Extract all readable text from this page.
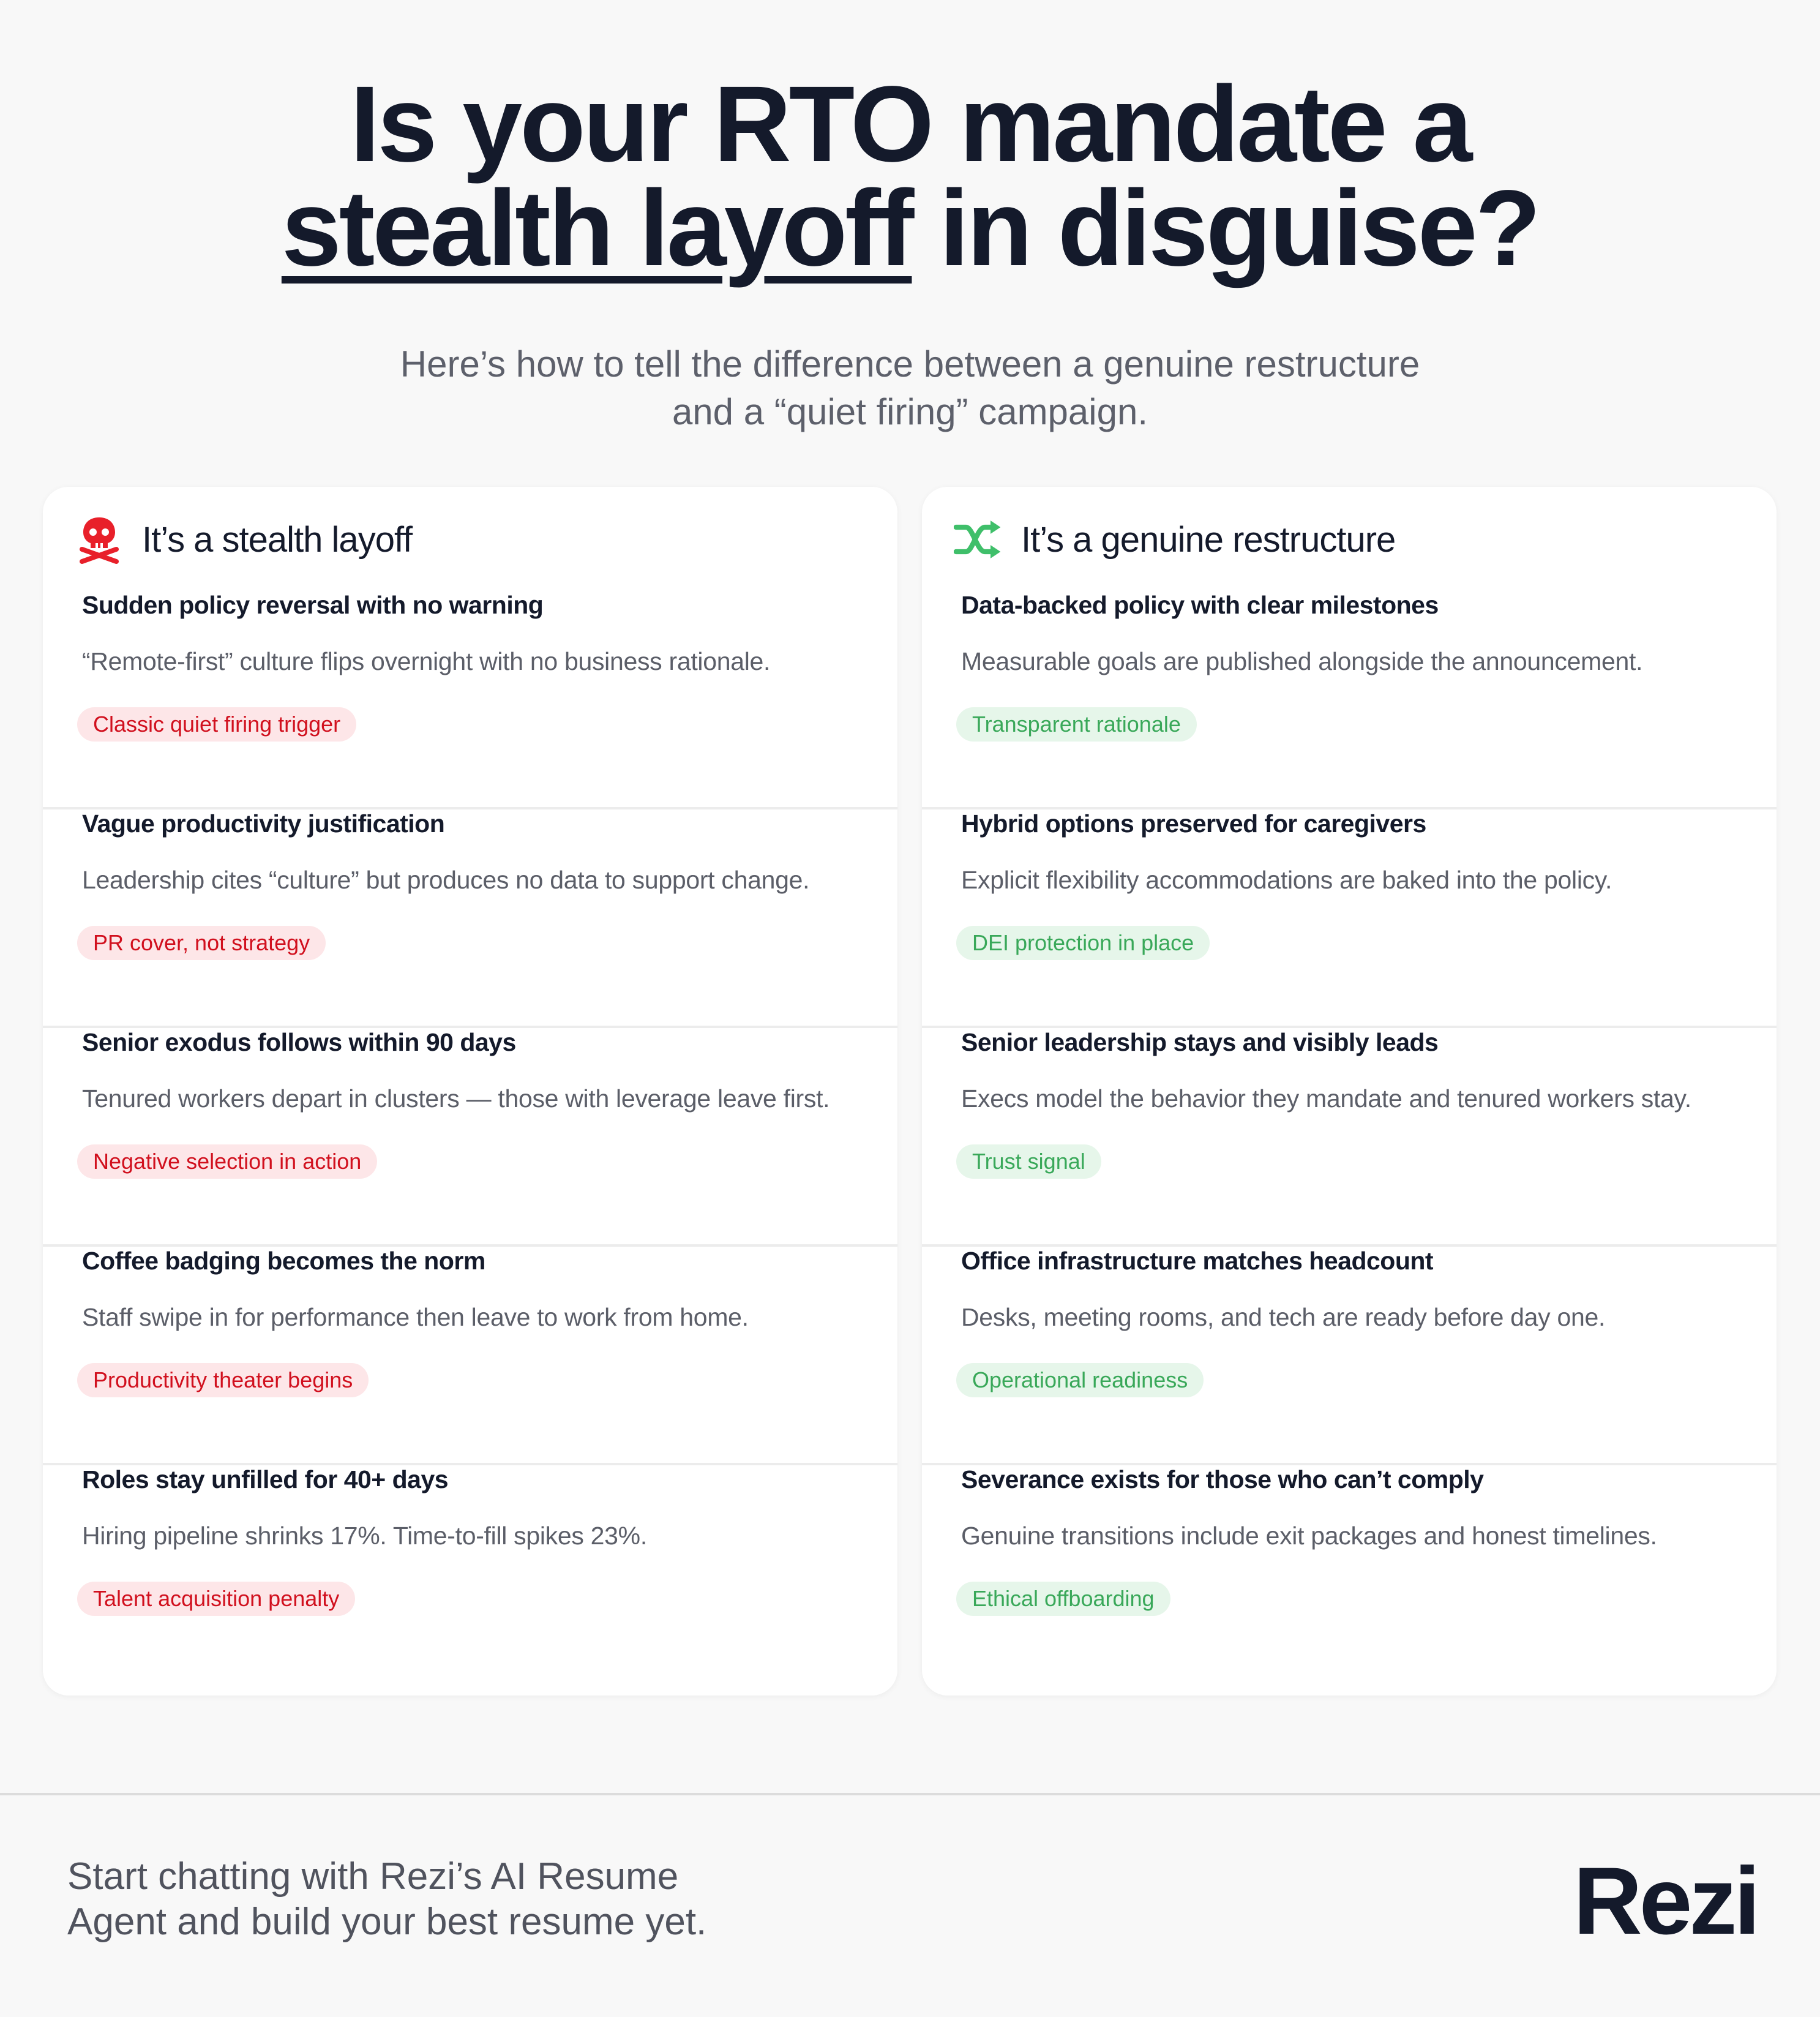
Is your RTO mandate a
stealth layoff in disguise?

Here’s how to tell the difference between a genuine restructure
and a “quiet firing” campaign.

It’s a stealth layoff
Sudden policy reversal with no warning
“Remote-first” culture flips overnight with no business rationale.
Classic quiet firing trigger
Vague productivity justification
Leadership cites “culture” but produces no data to support change.
PR cover, not strategy
Senior exodus follows within 90 days
Tenured workers depart in clusters — those with leverage leave first.
Negative selection in action
Coffee badging becomes the norm
Staff swipe in for performance then leave to work from home.
Productivity theater begins
Roles stay unfilled for 40+ days
Hiring pipeline shrinks 17%. Time-to-fill spikes 23%.
Talent acquisition penalty
It’s a genuine restructure
Data-backed policy with clear milestones
Measurable goals are published alongside the announcement.
Transparent rationale
Hybrid options preserved for caregivers
Explicit flexibility accommodations are baked into the policy.
DEI protection in place
Senior leadership stays and visibly leads
Execs model the behavior they mandate and tenured workers stay.
Trust signal
Office infrastructure matches headcount
Desks, meeting rooms, and tech are ready before day one.
Operational readiness
Severance exists for those who can’t comply
Genuine transitions include exit packages and honest timelines.
Ethical offboarding

Start chatting with Rezi’s AI Resume
Agent and build your best resume yet.	Rezi
